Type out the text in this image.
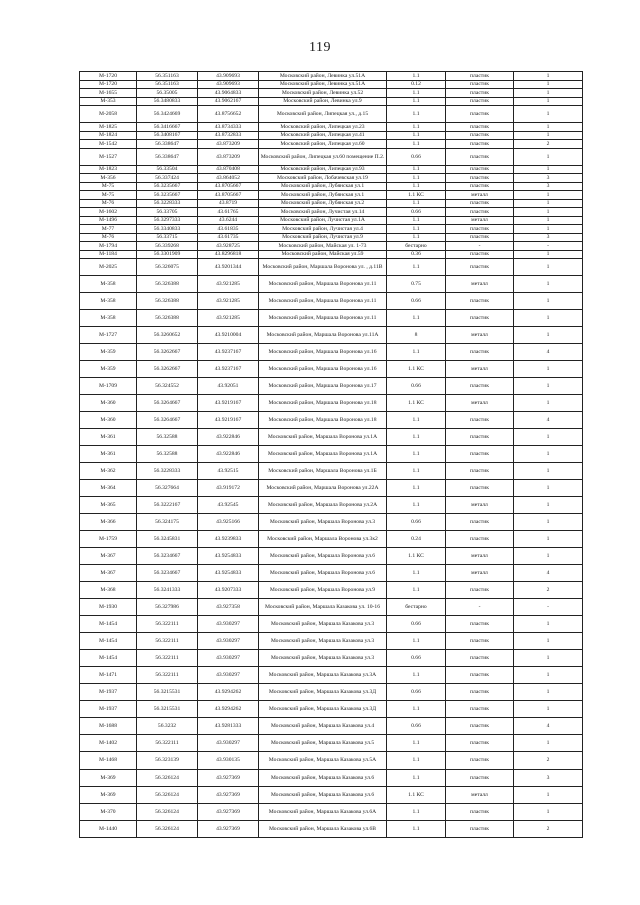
119
М-1720	56.351163	43.909693	Московский район, Левинка ул.51А	1.1	пластик	1
М-1720	56.351163	43.909693	Московский район, Левинка ул.51А	0.12	пластик	1
М-1655	56.35005	43.9064833	Московский район, Левинка ул.52	1.1	пластик	1
М-353	56.3480833	43.9062167	Московский район, Левинка ул.9	1.1	пластик	1
М-2058	56.3424669	43.8756652	Московский район, Липецкая ул., д.15	1.1	пластик	1
М-1825	56.3416667	43.8734333	Московский район, Липецкая ул.23	1.1	пластик	1
М-1824	56.3408167	43.8732833	Московский район, Липецкая ул.41	1.1	пластик	1
М-1542	56.338647	43.873209	Московский район, Липецкая ул.60	1.1	пластик	2
М-1527	56.338647	43.873209	Московский район, Липецкая ул.60 помещение П.2.	0.66	пластик	1
М-1823	56.33504	43.870408	Московский район, Липецкая ул.93	1.1	пластик	1
М-356	56.337424	43.864052	Московский район, Лобачевская ул.19	1.1	пластик	3
М-75	56.3235667	43.8705667	Московский район, Лубянская ул.1	1.1	пластик	3
М-75	56.3235667	43.8705667	Московский район, Лубянская ул.1	1.1 КС	металл	1
М-76	56.3228333	43.8719	Московский район, Лубянская ул.2	1.1	пластик	1
М-1602	56.33705	43.61765	Московский район, Лучистая ул.14	0.66	пластик	1
М-1496	56.3297333	43.6244	Московский район, Лучистая ул.1А	1.1	металл	1
М-77	56.3340833	43.61835	Московский район, Лучистая ул.4	1.1	пластик	1
М-76	56.33715	43.61735	Московский район, Лучистая ул.9	1.1	пластик	3
М-1794	56.339268	43.928725	Московский район, Майская ул. 1-73	бестарно	-	-
М-1184	56.3301909	43.8296818	Московский район, Майская ул.59	0.36	пластик	1
М-2025	56.326075	43.9201344	Московский район, Маршала Воронова ул. , д.11В	1.1	пластик	1
М-358	56.326388	43.921285	Московский район, Маршала Воронова ул.11	0.75	металл	1
М-358	56.326388	43.921285	Московский район, Маршала Воронова ул.11	0.66	пластик	1
М-358	56.326388	43.921285	Московский район, Маршала Воронова ул.11	1.1	пластик	1
М-1727	56.3260652	43.9210004	Московский район, Маршала Воронова ул.11А	8	металл	1
М-359	56.3262667	43.9237167	Московский район, Маршала Воронова ул.16	1.1	пластик	4
М-359	56.3262667	43.9237167	Московский район, Маршала Воронова ул.16	1.1 КС	металл	1
М-1709	56.324552	43.92051	Московский район, Маршала Воронова ул.17	0.66	пластик	1
М-360	56.3264667	43.9219167	Московский район, Маршала Воронова ул.18	1.1 КС	металл	1
М-360	56.3264667	43.9219167	Московский район, Маршала Воронова ул.18	1.1	пластик	4
М-361	56.32588	43.922846	Московский район, Маршала Воронова ул.1А	1.1	пластик	1
М-361	56.32588	43.922846	Московский район, Маршала Воронова ул.1А	1.1	пластик	1
М-362	56.3228333	43.92515	Московский район, Маршала Воронова ул.1Б	1.1	пластик	1
М-364	56.327664	43.919172	Московский район, Маршала Воронова ул.22А	1.1	пластик	1
М-365	56.3222167	43.92545	Московский район, Маршала Воронова ул.2А	1.1	металл	1
М-366	56.324175	43.925166	Московский район, Маршала Воронова ул.3	0.66	пластик	1
М-1759	56.3245831	43.9239833	Московский район, Маршала Воронова ул.3к2	0.24	пластик	1
М-367	56.3234667	43.9254833	Московский район, Маршала Воронова ул.6	1.1 КС	металл	1
М-367	56.3234667	43.9254833	Московский район, Маршала Воронова ул.6	1.1	металл	4
М-368	56.3241333	43.9207333	Московский район, Маршала Воронова ул.9	1.1	пластик	2
М-1930	56.327986	43.927358	Московский район, Маршала Казакова ул. 10-16	бестарно	-	-
М-1454	56.322111	43.930297	Московский район, Маршала Казакова ул.3	0.66	пластик	1
М-1454	56.322111	43.930297	Московский район, Маршала Казакова ул.3	1.1	пластик	1
М-1454	56.322111	43.930297	Московский район, Маршала Казакова ул.3	0.66	пластик	1
М-1471	56.322111	43.930297	Московский район, Маршала Казакова ул.3А	1.1	пластик	1
М-1937	56.3215531	43.9294262	Московский район, Маршала Казакова ул.3Д	0.66	пластик	1
М-1937	56.3215531	43.9294262	Московский район, Маршала Казакова ул.3Д	1.1	пластик	1
М-1688	56.3232	43.9281333	Московский район, Маршала Казакова ул.4	0.66	пластик	4
М-1402	56.322111	43.930297	Московский район, Маршала Казакова ул.5	1.1	пластик	1
М-1468	56.323139	43.930135	Московский район, Маршала Казакова ул.5А	1.1	пластик	2
М-369	56.326124	43.927369	Московский район, Маршала Казакова ул.6	1.1	пластик	3
М-369	56.326124	43.927369	Московский район, Маршала Казакова ул.6	1.1 КС	металл	1
М-370	56.326124	43.927369	Московский район, Маршала Казакова ул.6А	1.1	пластик	1
М-1440	56.326124	43.927369	Московский район, Маршала Казакова ул.6В	1.1	пластик	2
